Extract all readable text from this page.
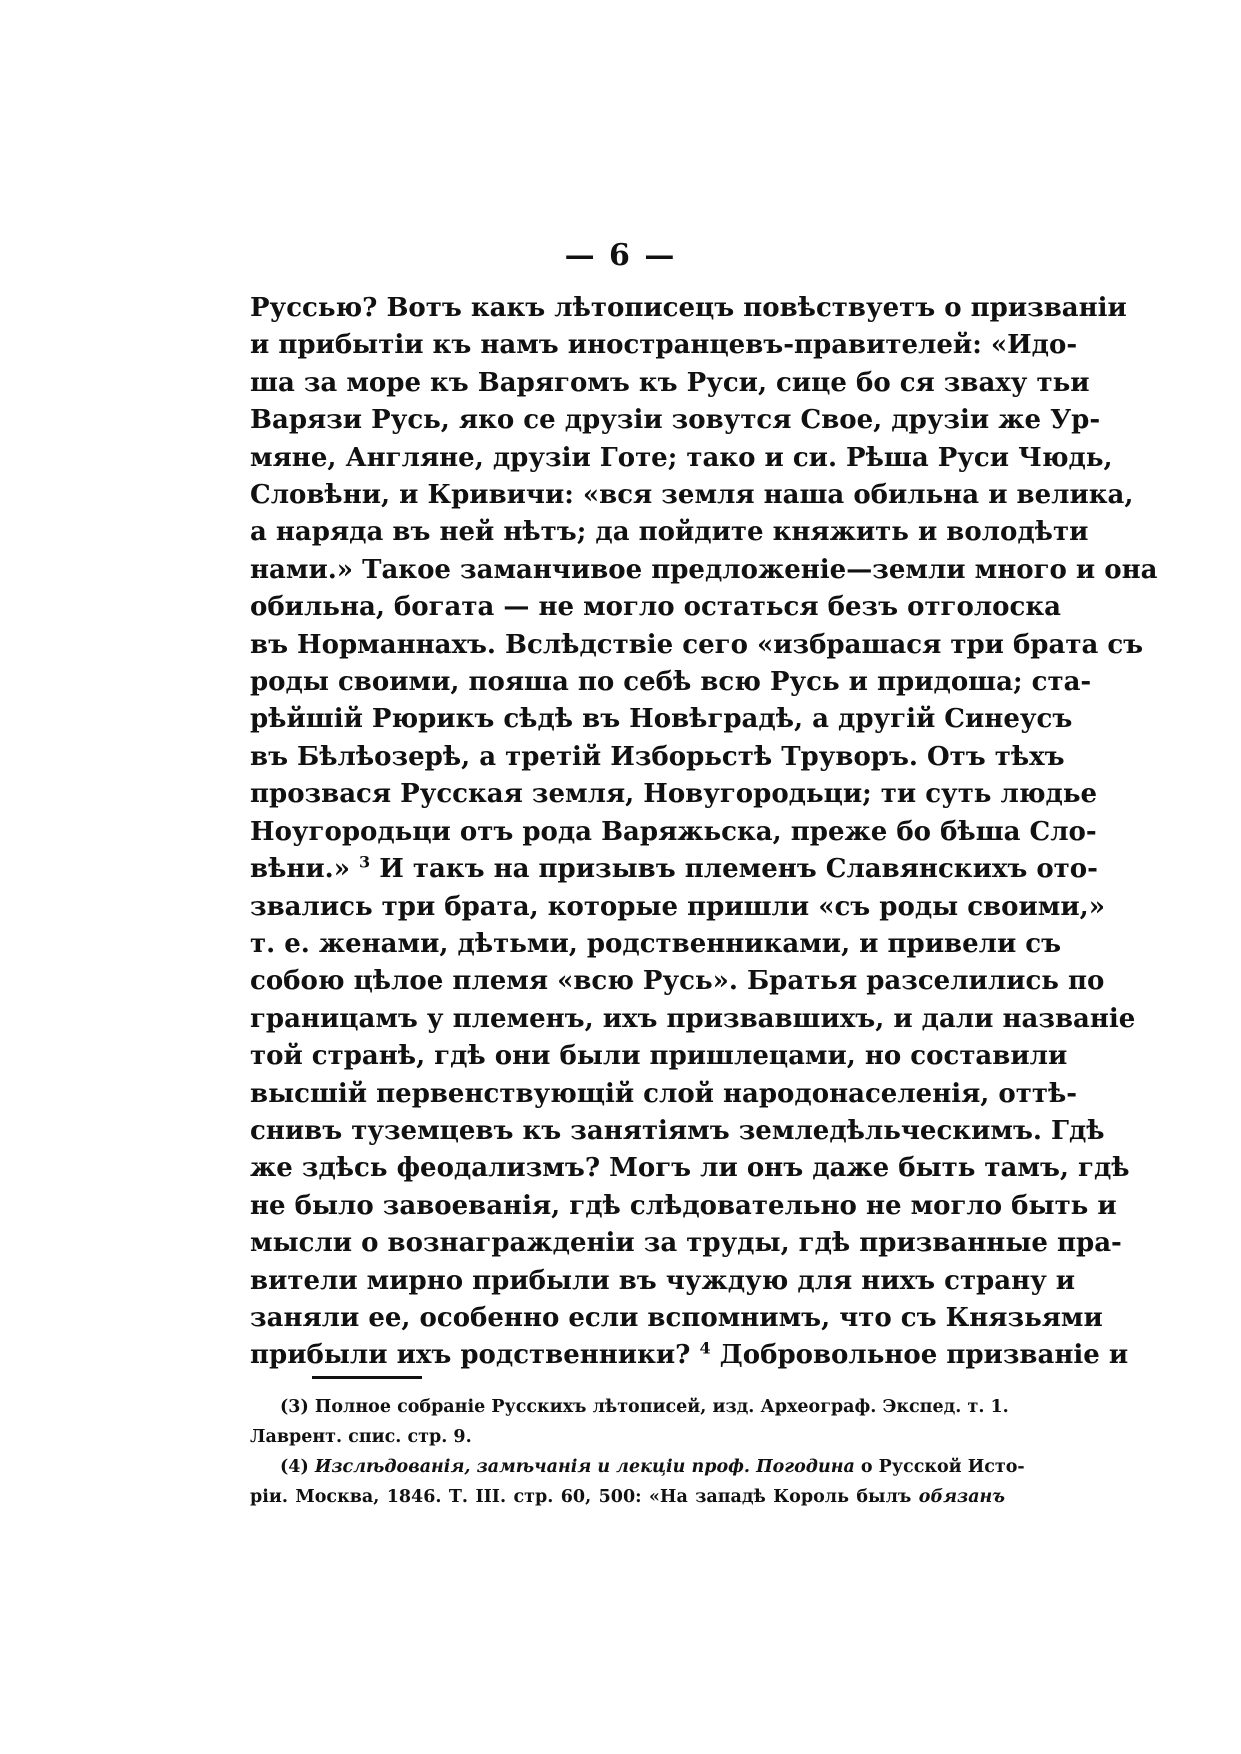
— 6 —
Руссью? Вотъ какъ лѣтописецъ повѣствуетъ о призваніи
и прибытіи къ намъ иностранцевъ-правителей: «Идо-
ша за море къ Варягомъ къ Руси, сице бо ся зваху тьи
Варязи Русь, яко се друзіи зовутся Свое, друзіи же Ур-
мяне, Англяне, друзіи Готе; тако и си. Рѣша Руси Чюдь,
Словѣни, и Кривичи: «вся земля наша обильна и велика,
а наряда въ ней нѣтъ; да пойдите княжить и володѣти
нами.» Такое заманчивое предложеніе—земли много и она
обильна, богата — не могло остаться безъ отголоска
въ Норманнахъ. Вслѣдствіе сего «избрашася три брата съ
роды своими, пояша по себѣ всю Русь и придоша; ста-
рѣйшій Рюрикъ сѣдѣ въ Новѣградѣ, а другій Синеусъ
въ Бѣлѣозерѣ, а третій Изборьстѣ Труворъ. Отъ тѣхъ
прозвася Русская земля, Новугородьци; ти суть людье
Ноугородьци отъ рода Варяжьска, преже бо бѣша Сло-
вѣни.» $^3$ И такъ на призывъ племенъ Славянскихъ ото-
звались три брата, которые пришли «съ роды своими,»
т. е. женами, дѣтьми, родственниками, и привели съ
собою цѣлое племя «всю Русь». Братья разселились по
границамъ у племенъ, ихъ призвавшихъ, и дали названіе
той странѣ, гдѣ они были пришлецами, но составили
высшій первенствующій слой народонаселенія, оттѣ-
снивъ туземцевъ къ занятіямъ земледѣльческимъ. Гдѣ
же здѣсь феодализмъ? Могъ ли онъ даже быть тамъ, гдѣ
не было завоеванія, гдѣ слѣдовательно не могло быть и
мысли о вознагражденіи за труды, гдѣ призванные пра-
вители мирно прибыли въ чуждую для нихъ страну и
заняли ее, особенно если вспомнимъ, что съ Князьями
прибыли ихъ родственники? $^4$ Добровольное призваніе и
(3) Полное собраніе Русскихъ лѣтописей, изд. Археограф. Экспед. т. 1.
Лаврент. спис. стр. 9.
(4) Изслѣдованія, замѣчанія и лекціи проф. Погодина о Русской Исто-
ріи. Москва, 1846. Т. III. стр. 60, 500: «На западѣ Король былъ обязанъ
